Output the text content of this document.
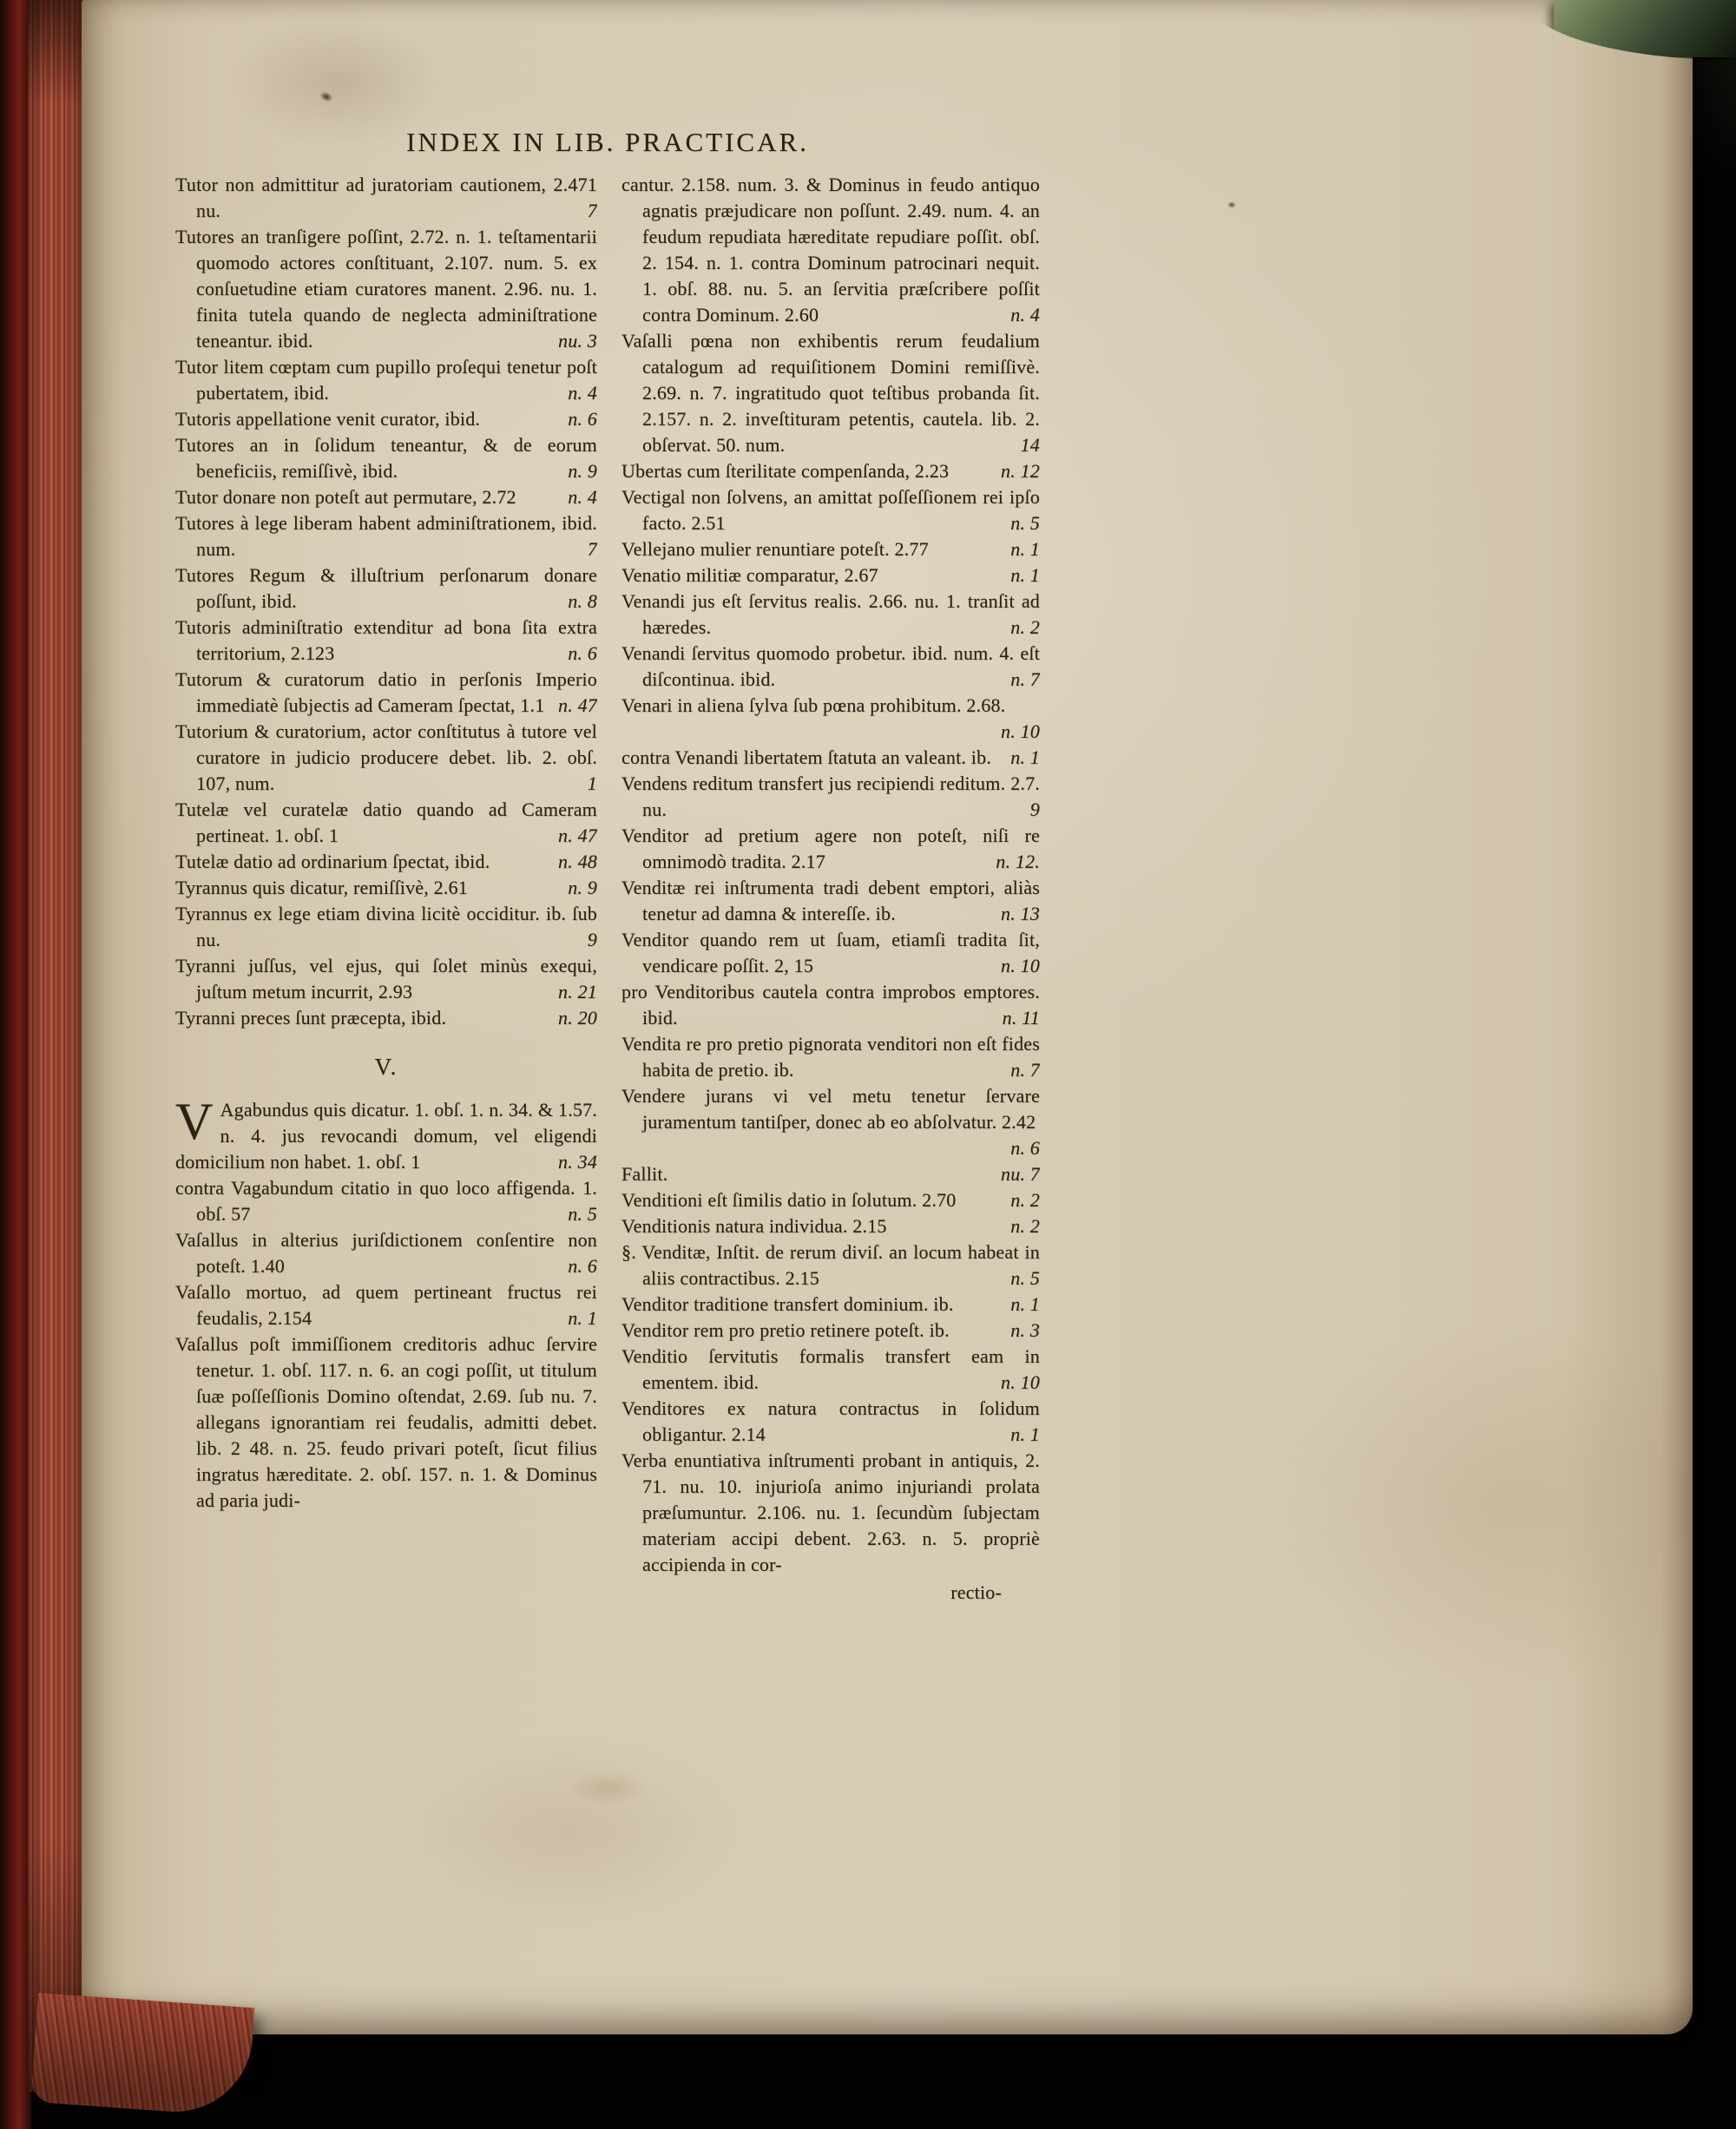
INDEX IN LIB. PRACTICAR.
Tutor non admittitur ad juratoriam cautionem, 2.471 nu.	7
Tutores an tranſigere poſſint, 2.72. n. 1. teſtamentarii quomodo actores conſtituant, 2.107. num. 5. ex conſuetudine etiam curatores manent. 2.96. nu. 1. finita tutela quando de neglecta adminiſtratione teneantur. ibid.	nu. 3
Tutor litem cœptam cum pupillo proſequi tenetur poſt pubertatem, ibid.	n. 4
Tutoris appellatione venit curator, ibid.	n. 6
Tutores an in ſolidum teneantur, & de eorum beneficiis, remiſſivè, ibid.	n. 9
Tutor donare non poteſt aut permutare, 2.72	n. 4
Tutores à lege liberam habent adminiſtrationem, ibid. num.	7
Tutores Regum & illuſtrium perſonarum donare poſſunt, ibid.	n. 8
Tutoris adminiſtratio extenditur ad bona ſita extra territorium, 2.123	n. 6
Tutorum & curatorum datio in perſonis Imperio immediatè ſubjectis ad Cameram ſpectat, 1.1 n. 47
Tutorium & curatorium, actor conſtitutus à tutore vel curatore in judicio producere debet. lib. 2. obſ. 107, num.	1
Tutelæ vel curatelæ datio quando ad Cameram pertineat. 1. obſ. 1	n. 47
Tutelæ datio ad ordinarium ſpectat, ibid.	n. 48
Tyrannus quis dicatur, remiſſivè, 2.61	n. 9
Tyrannus ex lege etiam divina licitè occiditur. ib. ſub nu.	9
Tyranni juſſus, vel ejus, qui ſolet minùs exequi, juſtum metum incurrit, 2.93	n. 21
Tyranni preces ſunt præcepta, ibid.	n. 20
V.
V Agabundus quis dicatur. 1. obſ. 1. n. 34. & 1.57. n. 4. jus revocandi domum, vel eligendi domicilium non habet. 1. obſ. 1	n. 34
contra Vagabundum citatio in quo loco affigenda. 1. obſ. 57	n. 5
Vaſallus in alterius juriſdictionem conſentire non poteſt. 1.40	n. 6
Vaſallo mortuo, ad quem pertineant fructus rei feudalis, 2.154	n. 1
Vaſallus poſt immiſſionem creditoris adhuc ſervire tenetur. 1. obſ. 117. n. 6. an cogi poſſit, ut titulum ſuæ poſſeſſionis Domino oſtendat, 2.69. ſub nu. 7. allegans ignorantiam rei feudalis, admitti debet. lib. 2 48. n. 25. feudo privari poteſt, ſicut filius ingratus hæreditate. 2. obſ. 157. n. 1. & Dominus ad paria judi-
cantur. 2.158. num. 3. & Dominus in feudo antiquo agnatis præjudicare non poſſunt. 2.49. num. 4. an feudum repudiata hæreditate repudiare poſſit. obſ. 2. 154. n. 1. contra Dominum patrocinari nequit. 1. obſ. 88. nu. 5. an ſervitia præſcribere poſſit contra Dominum. 2.60	n. 4
Vaſalli pœna non exhibentis rerum feudalium catalogum ad requiſitionem Domini remiſſivè. 2.69. n. 7. ingratitudo quot teſtibus probanda ſit. 2.157. n. 2. inveſtituram petentis, cautela. lib. 2. obſervat. 50. num.	14
Ubertas cum ſterilitate compenſanda, 2.23	n. 12
Vectigal non ſolvens, an amittat poſſeſſionem rei ipſo facto. 2.51	n. 5
Vellejano mulier renuntiare poteſt. 2.77	n. 1
Venatio militiæ comparatur, 2.67	n. 1
Venandi jus eſt ſervitus realis. 2.66. nu. 1. tranſit ad hæredes.	n. 2
Venandi ſervitus quomodo probetur. ibid. num. 4. eſt diſcontinua. ibid.	n. 7
Venari in aliena ſylva ſub pœna prohibitum. 2.68.
n. 10
contra Venandi libertatem ſtatuta an valeant. ib. n. 1
Vendens reditum transfert jus recipiendi reditum. 2.7. nu.	9
Venditor ad pretium agere non poteſt, niſi re omnimodò tradita. 2.17	n. 12.
Venditæ rei inſtrumenta tradi debent emptori, aliàs tenetur ad damna & intereſſe. ib.	n. 13
Venditor quando rem ut ſuam, etiamſi tradita ſit, vendicare poſſit. 2, 15	n. 10
pro Venditoribus cautela contra improbos emptores. ibid.	n. 11
Vendita re pro pretio pignorata venditori non eſt fides habita de pretio. ib.	n. 7
Vendere jurans vi vel metu tenetur ſervare juramentum tantiſper, donec ab eo abſolvatur. 2.42
n. 6
Fallit.	nu. 7
Venditioni eſt ſimilis datio in ſolutum. 2.70	n. 2
Venditionis natura individua. 2.15	n. 2
§. Venditæ, Inſtit. de rerum diviſ. an locum habeat in aliis contractibus. 2.15	n. 5
Venditor traditione transfert dominium. ib.	n. 1
Venditor rem pro pretio retinere poteſt. ib.	n. 3
Venditio ſervitutis formalis transfert eam in ementem. ibid.	n. 10
Venditores ex natura contractus in ſolidum obligantur. 2.14	n. 1
Verba enuntiativa inſtrumenti probant in antiquis, 2. 71. nu. 10. injurioſa animo injuriandi prolata præſumuntur. 2.106. nu. 1. ſecundùm ſubjectam materiam accipi debent. 2.63. n. 5. propriè accipienda in cor-
rectio-
